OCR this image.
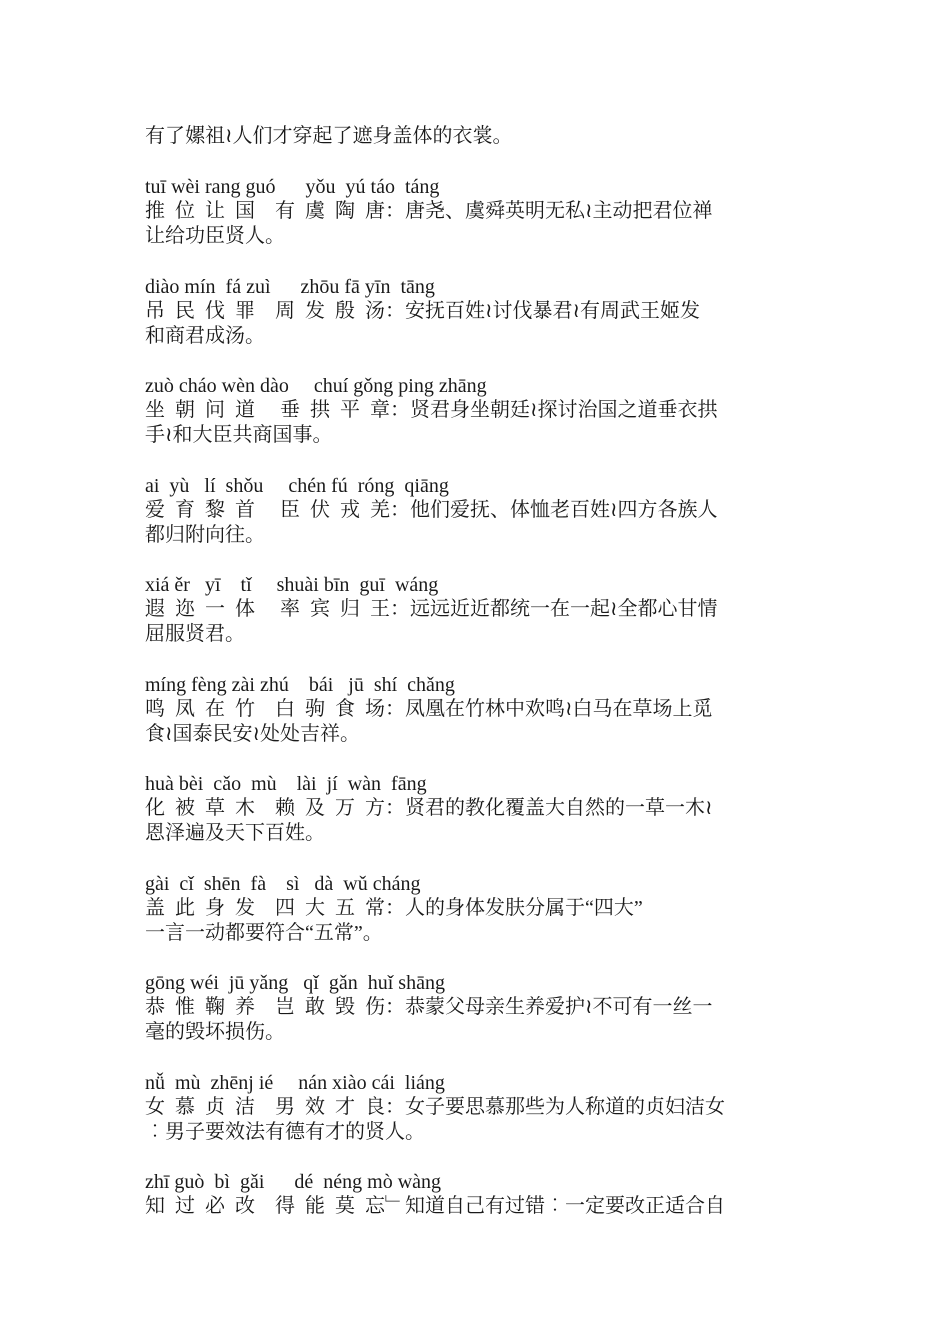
有了嫘祖≀人们才穿起了遮身盖体的衣裳。

tuī wèi rang guó      yǒu  yú táo  táng

推  位  让  国    有  虞  陶  唐：唐尧、虞舜英明无私≀主动把君位禅
让给功臣贤人。

diào mín  fá zuì      zhōu fā yīn  tāng

吊  民  伐  罪    周  发  殷  汤：安抚百姓≀讨伐暴君≀有周武王姬发
和商君成汤。

zuò cháo wèn dào     chuí gǒng ping zhāng

坐  朝  问  道     垂  拱  平  章：贤君身坐朝廷≀探讨治国之道垂衣拱
手≀和大臣共商国事。

ai  yù   lí  shǒu     chén fú  róng  qiāng

爱  育  黎  首     臣  伏  戎  羌：他们爱抚、体恤老百姓≀四方各族人
都归附向往。

xiá ěr   yī    tǐ     shuài bīn  guī  wáng

遐  迩  一  体     率  宾  归  王：远远近近都统一在一起≀全都心甘情
屈服贤君。

míng fèng zài zhú    bái   jū  shí  chǎng

鸣  凤  在  竹    白  驹  食  场：凤凰在竹林中欢鸣≀白马在草场上觅
食≀国泰民安≀处处吉祥。

huà bèi  cǎo  mù    lài  jí  wàn  fāng

化  被  草  木    赖  及  万  方：贤君的教化覆盖大自然的一草一木≀
恩泽遍及天下百姓。

gài  cǐ  shēn  fà    sì   dà  wǔ cháng

盖  此  身  发    四  大  五  常：人的身体发肤分属于“四大”
一言一动都要符合“五常”。

gōng wéi  jū yǎng   qǐ  gǎn  huǐ shāng

恭  惟  鞠  养    岂  敢  毁  伤：恭蒙父母亲生养爱护≀不可有一丝一
毫的毁坏损伤。

nǚ  mù  zhēnj ié     nán xiào cái  liáng

女  慕  贞  洁    男  效  才  良：女子要思慕那些为人称道的贞妇洁女
︰男子要效法有德有才的贤人。

zhī guò  bì  gǎi      dé  néng mò wàng

知  过  必  改    得  能  莫  忘﹂知道自己有过错︰一定要改正适合自
